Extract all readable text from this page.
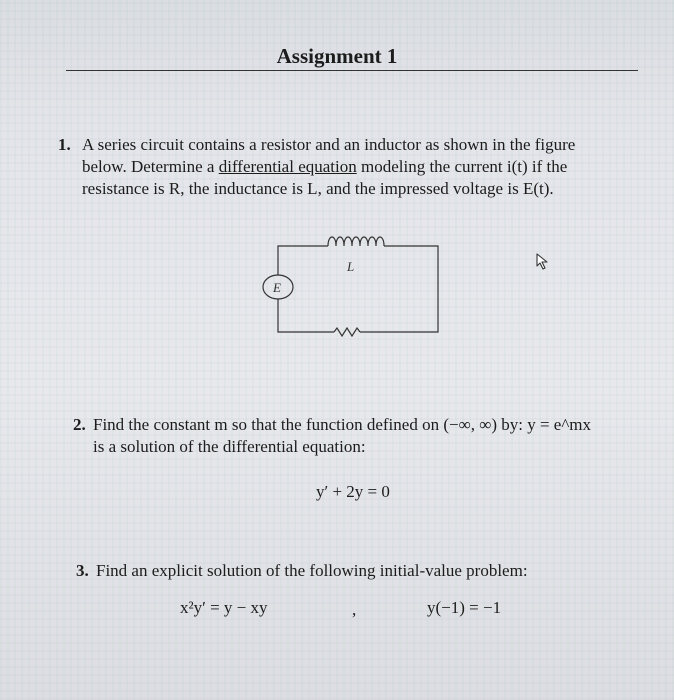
Assignment 1
1. A series circuit contains a resistor and an inductor as shown in the figure
below. Determine a differential equation modeling the current i(t) if the
resistance is R, the inductance is L, and the impressed voltage is E(t).
L
E
2. Find the constant m so that the function defined on (−∞, ∞) by: y = e^mx
is a solution of the differential equation:
y′ + 2y = 0
3. Find an explicit solution of the following initial-value problem:
x²y′ = y − xy	,	y(−1) = −1
